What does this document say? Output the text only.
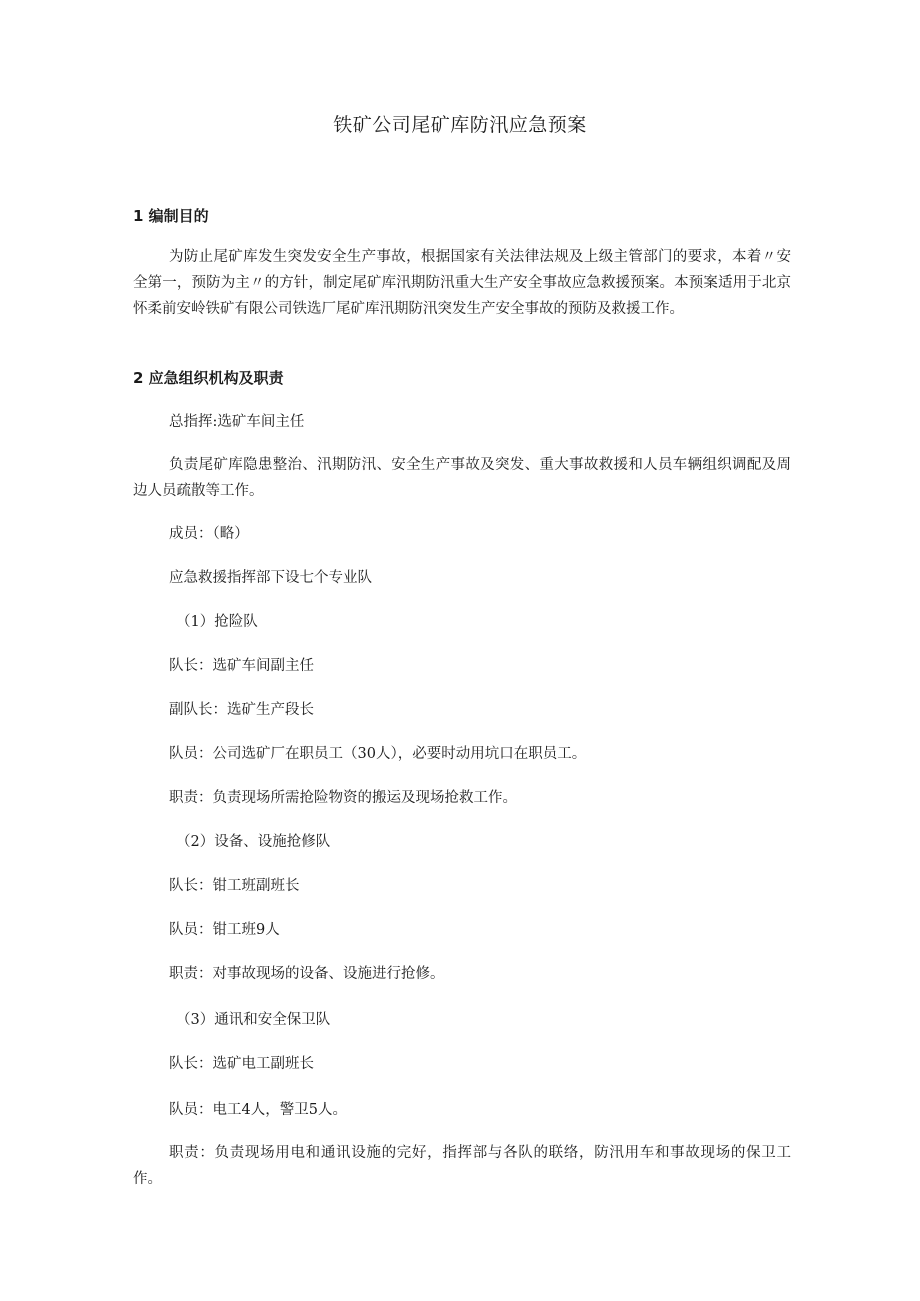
铁矿公司尾矿库防汛应急预案
1 编制目的
为防止尾矿库发生突发安全生产事故，根据国家有关法律法规及上级主管部门的要求，本着〃安全第一，预防为主〃的方针，制定尾矿库汛期防汛重大生产安全事故应急救援预案。本预案适用于北京怀柔前安岭铁矿有限公司铁选厂尾矿库汛期防汛突发生产安全事故的预防及救援工作。
2 应急组织机构及职责
总指挥:选矿车间主任
负责尾矿库隐患整治、汛期防汛、安全生产事故及突发、重大事故救援和人员车辆组织调配及周边人员疏散等工作。
成员：（略）
应急救援指挥部下设七个专业队
（1）抢险队
队长：选矿车间副主任
副队长：选矿生产段长
队员：公司选矿厂在职员工（30人），必要时动用坑口在职员工。
职责：负责现场所需抢险物资的搬运及现场抢救工作。
（2）设备、设施抢修队
队长：钳工班副班长
队员：钳工班9人
职责：对事故现场的设备、设施进行抢修。
（3）通讯和安全保卫队
队长：选矿电工副班长
队员：电工4人，警卫5人。
职责：负责现场用电和通讯设施的完好，指挥部与各队的联络，防汛用车和事故现场的保卫工作。
